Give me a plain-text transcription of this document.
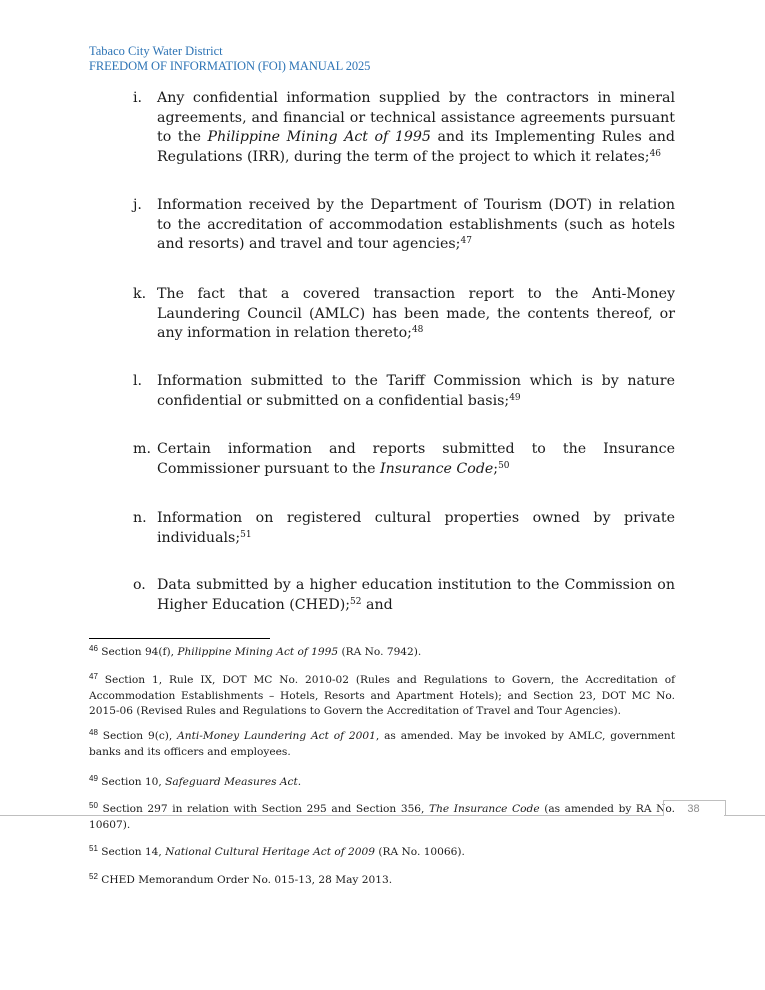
Tabaco City Water District
FREEDOM OF INFORMATION (FOI) MANUAL 2025
i.	Any confidential information supplied by the contractors in mineral agreements, and financial or technical assistance agreements pursuant to the Philippine Mining Act of 1995 and its Implementing Rules and Regulations (IRR), during the term of the project to which it relates;$^{46}$
j.	Information received by the Department of Tourism (DOT) in relation to the accreditation of accommodation establishments (such as hotels and resorts) and travel and tour agencies;$^{47}$
k. The fact that a covered transaction report to the Anti-Money Laundering Council (AMLC) has been made, the contents thereof, or any information in relation thereto;$^{48}$
l.	Information submitted to the Tariff Commission which is by nature confidential or submitted on a confidential basis;$^{49}$
m. Certain information and reports submitted to the Insurance Commissioner pursuant to the Insurance Code;$^{50}$
n. Information on registered cultural properties owned by private individuals;$^{51}$
o. Data submitted by a higher education institution to the Commission on Higher Education (CHED);$^{52}$ and
$^{46}$ Section 94(f), Philippine Mining Act of 1995 (RA No. 7942).
$^{47}$ Section 1, Rule IX, DOT MC No. 2010-02 (Rules and Regulations to Govern, the Accreditation of Accommodation Establishments – Hotels, Resorts and Apartment Hotels); and Section 23, DOT MC No. 2015-06 (Revised Rules and Regulations to Govern the Accreditation of Travel and Tour Agencies).
$^{48}$ Section 9(c), Anti-Money Laundering Act of 2001, as amended. May be invoked by AMLC, government banks and its officers and employees.
$^{49}$ Section 10, Safeguard Measures Act.
$^{50}$ Section 297 in relation with Section 295 and Section 356, The Insurance Code (as amended by RA No. 10607).
$^{51}$ Section 14, National Cultural Heritage Act of 2009 (RA No. 10066).
$^{52}$ CHED Memorandum Order No. 015-13, 28 May 2013.
38
